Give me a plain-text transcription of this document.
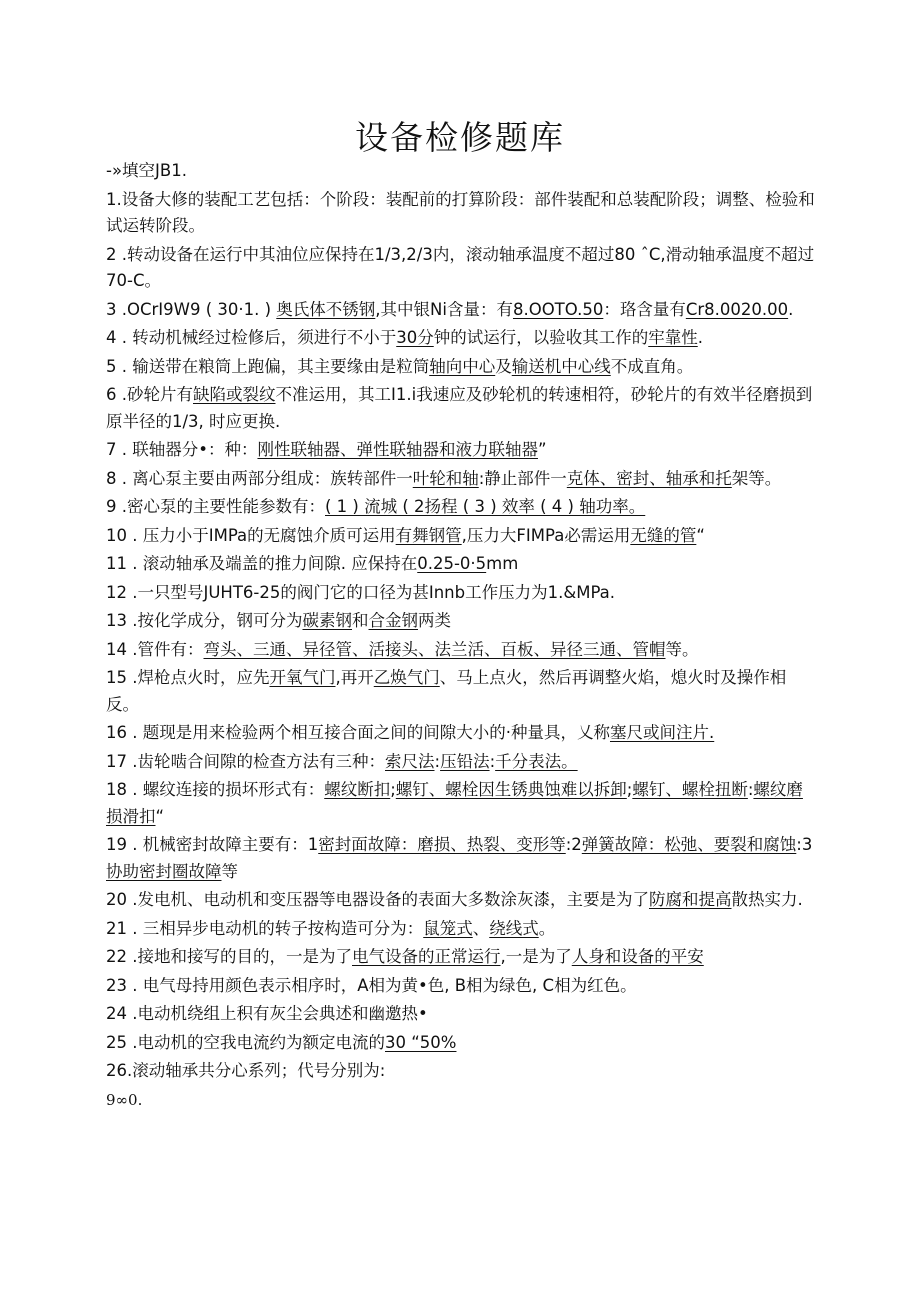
设备检修题库
-»填空JB1.
1.设备大修的装配工艺包括：个阶段：装配前的打算阶段：部件装配和总装配阶段；调整、检验和试运转阶段。
2 .转动设备在运行中其油位应保持在1/3,2/3内，滚动轴承温度不超过80 ˆC,滑动轴承温度不超过70-C。
3 .OCrI9W9 ( 30·1. ) 奥氏体不锈钢,其中银Ni含量：有8.OOTO.50：珞含量有Cr8.0020.00.
4 . 转动机械经过检修后，须进行不小于30分钟的试运行，以验收其工作的牢靠性.
5 . 输送带在粮筒上跑偏，其主要缘由是粒筒轴向中心及输送机中心线不成直角。
6 .砂轮片有缺陷或裂纹不准运用，其工I1.i我速应及砂轮机的转速相符，砂轮片的有效半径磨损到原半径的1/3, 时应更换.
7 . 联轴器分•：种：刚性联轴器、弹性联轴器和液力联轴器”
8 . 离心泵主要由两部分组成：族转部件一叶轮和轴:静止部件一克体、密封、轴承和托架等。
9 .密心泵的主要性能参数有：( 1 ) 流城 ( 2扬程 ( 3 ) 效率 ( 4 ) 轴功率。
10 . 压力小于IMPa的无腐蚀介质可运用有舞钢管,压力大FIMPa必需运用无缝的管“
11 . 滚动轴承及端盖的推力间隙. 应保持在0.25-0·5mm
12 .一只型号JUHT6-25的阀门它的口径为甚Innb工作压力为1.&MPa.
13 .按化学成分，钢可分为碳素钢和合金钢两类
14 .管件有：弯头、三通、异径管、活接头、法兰活、百板、异径三通、管帽等。
15 .焊枪点火时，应先开氧气门,再开乙焕气门、马上点火，然后再调整火焰，熄火时及操作相反。
16 . 题现是用来检验两个相互接合面之间的间隙大小的·种量具，乂称塞尺或间注片.
17 .齿轮啮合间隙的检查方法有三种：索尺法:压铅法:千分表法。
18 . 螺纹连接的损坏形式有：螺纹断扣;螺钉、螺栓因生锈典蚀难以拆卸;螺钉、螺栓扭断:螺纹磨损滑扣“
19 . 机械密封故障主要有：1密封面故障：磨损、热裂、变形等:2弹簧故障：松弛、要裂和腐蚀:3协助密封圈故障等
20 .发电机、电动机和变压器等电器设备的表面大多数涂灰漆，主要是为了防腐和提高散热实力.
21 . 三相异步电动机的转子按构造可分为：鼠笼式、绕线式。
22 .接地和接写的目的，一是为了电气设备的正常运行,一是为了人身和设备的平安
23 . 电气母持用颜色表示相序时，A相为黄•色, B相为绿色, C相为红色。
24 .电动机绕组上积有灰尘会典述和幽邀热•
25 .电动机的空我电流约为额定电流的30 “50%
26.滚动轴承共分心系列；代号分别为:
9∞0.
